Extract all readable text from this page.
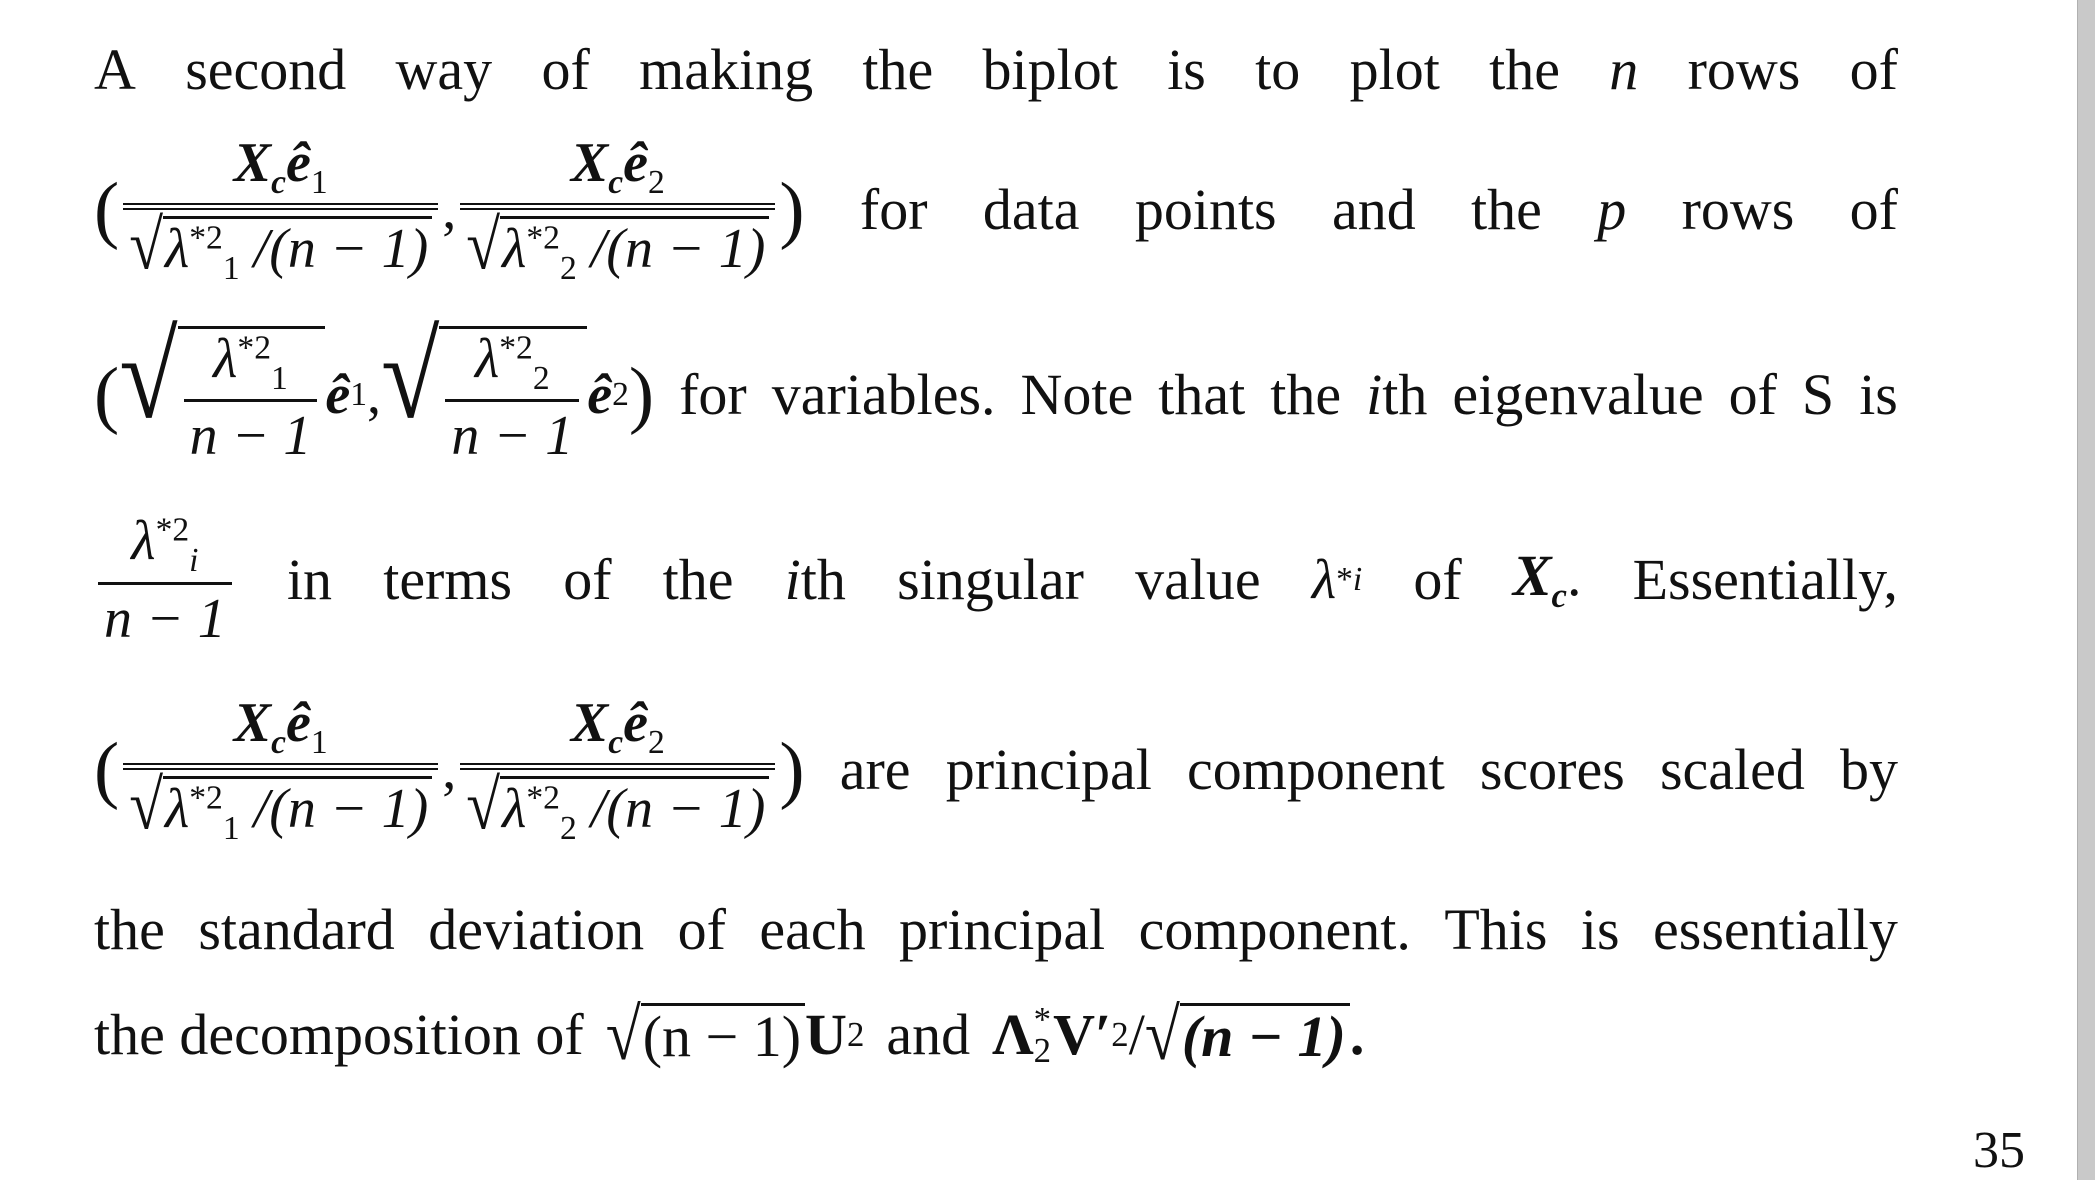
A second way of making the biplot is to plot the n rows of
( $\frac{X_cê_1}{√ \lambda^{*2}_1 /(n - 1)}$ , $\frac{X_cê_2}{√ \lambda^{*2}_2 /(n - 1)}$ ) for data points and the p rows of
( √ $\frac{\lambda^{*2}_1}{n - 1}$ ê 1 , √ $\frac{\lambda^{*2}_2}{n - 1}$ ê 2 ) for variables. Note that the ith eigenvalue of S is
$\frac{\lambda^{*2}_i}{n - 1}$ in terms of the ith singular value λ * i of $X_c$. Essentially,
( $\frac{X_cê_1}{√ \lambda^{*2}_1 /(n - 1)}$ , $\frac{X_cê_2}{√ \lambda^{*2}_2 /(n - 1)}$ ) are principal component scores scaled by
the standard deviation of each principal component. This is essentially
the decomposition of √ (n − 1) U 2 and Λ *
2 V′ 2 / √ (n − 1) .
35
